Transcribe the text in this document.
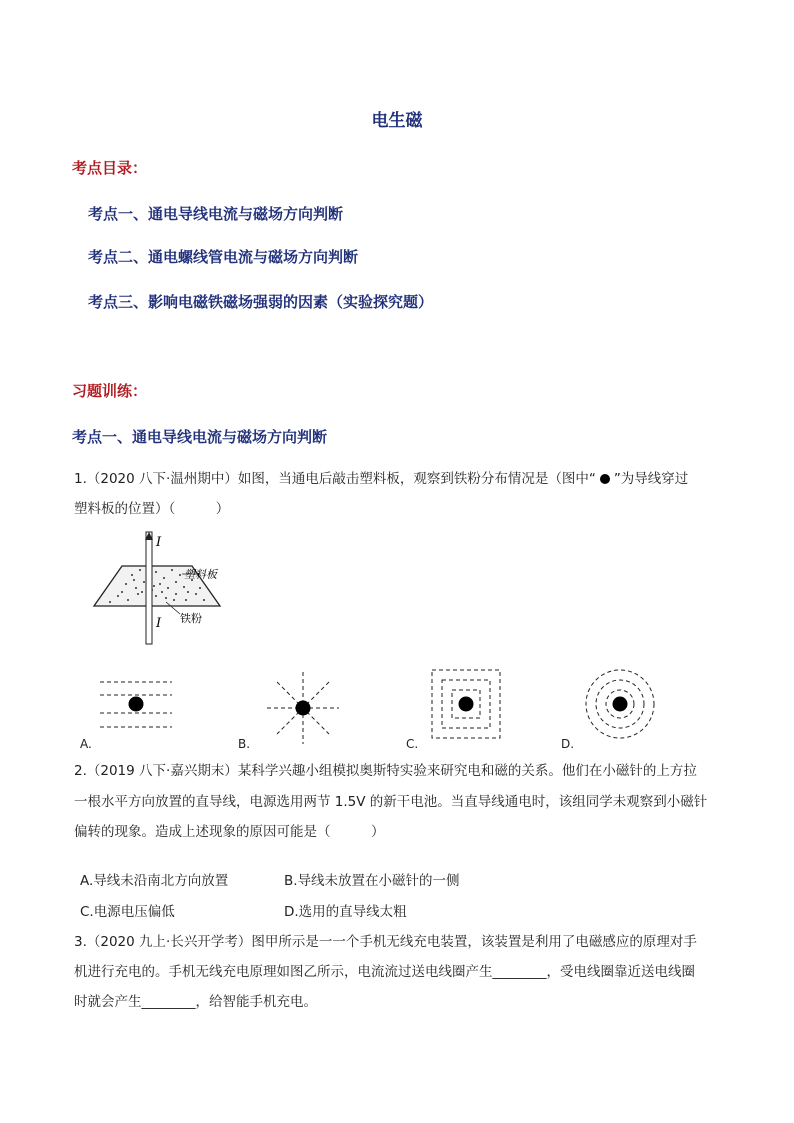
电生磁
考点目录：
考点一、通电导线电流与磁场方向判断
考点二、通电螺线管电流与磁场方向判断
考点三、影响电磁铁磁场强弱的因素（实验探究题）
习题训练：
考点一、通电导线电流与磁场方向判断
1.（2020 八下·温州期中）如图，当通电后敲击塑料板，观察到铁粉分布情况是（图中“ ”为导线穿过
塑料板的位置）（　　　）
I
I
塑料板
铁粉
A.	B.	C.	D.
2.（2019 八下·嘉兴期末）某科学兴趣小组模拟奥斯特实验来研究电和磁的关系。他们在小磁针的上方拉
一根水平方向放置的直导线，电源选用两节 1.5V 的新干电池。当直导线通电时，该组同学未观察到小磁针
偏转的现象。造成上述现象的原因可能是（　　　）
A.导线未沿南北方向放置	B.导线未放置在小磁针的一侧
C.电源电压偏低	D.选用的直导线太粗
3.（2020 九上·长兴开学考）图甲所示是一一个手机无线充电装置，该装置是利用了电磁感应的原理对手
机进行充电的。手机无线充电原理如图乙所示，电流流过送电线圈产生________，受电线圈靠近送电线圈
时就会产生________，给智能手机充电。
